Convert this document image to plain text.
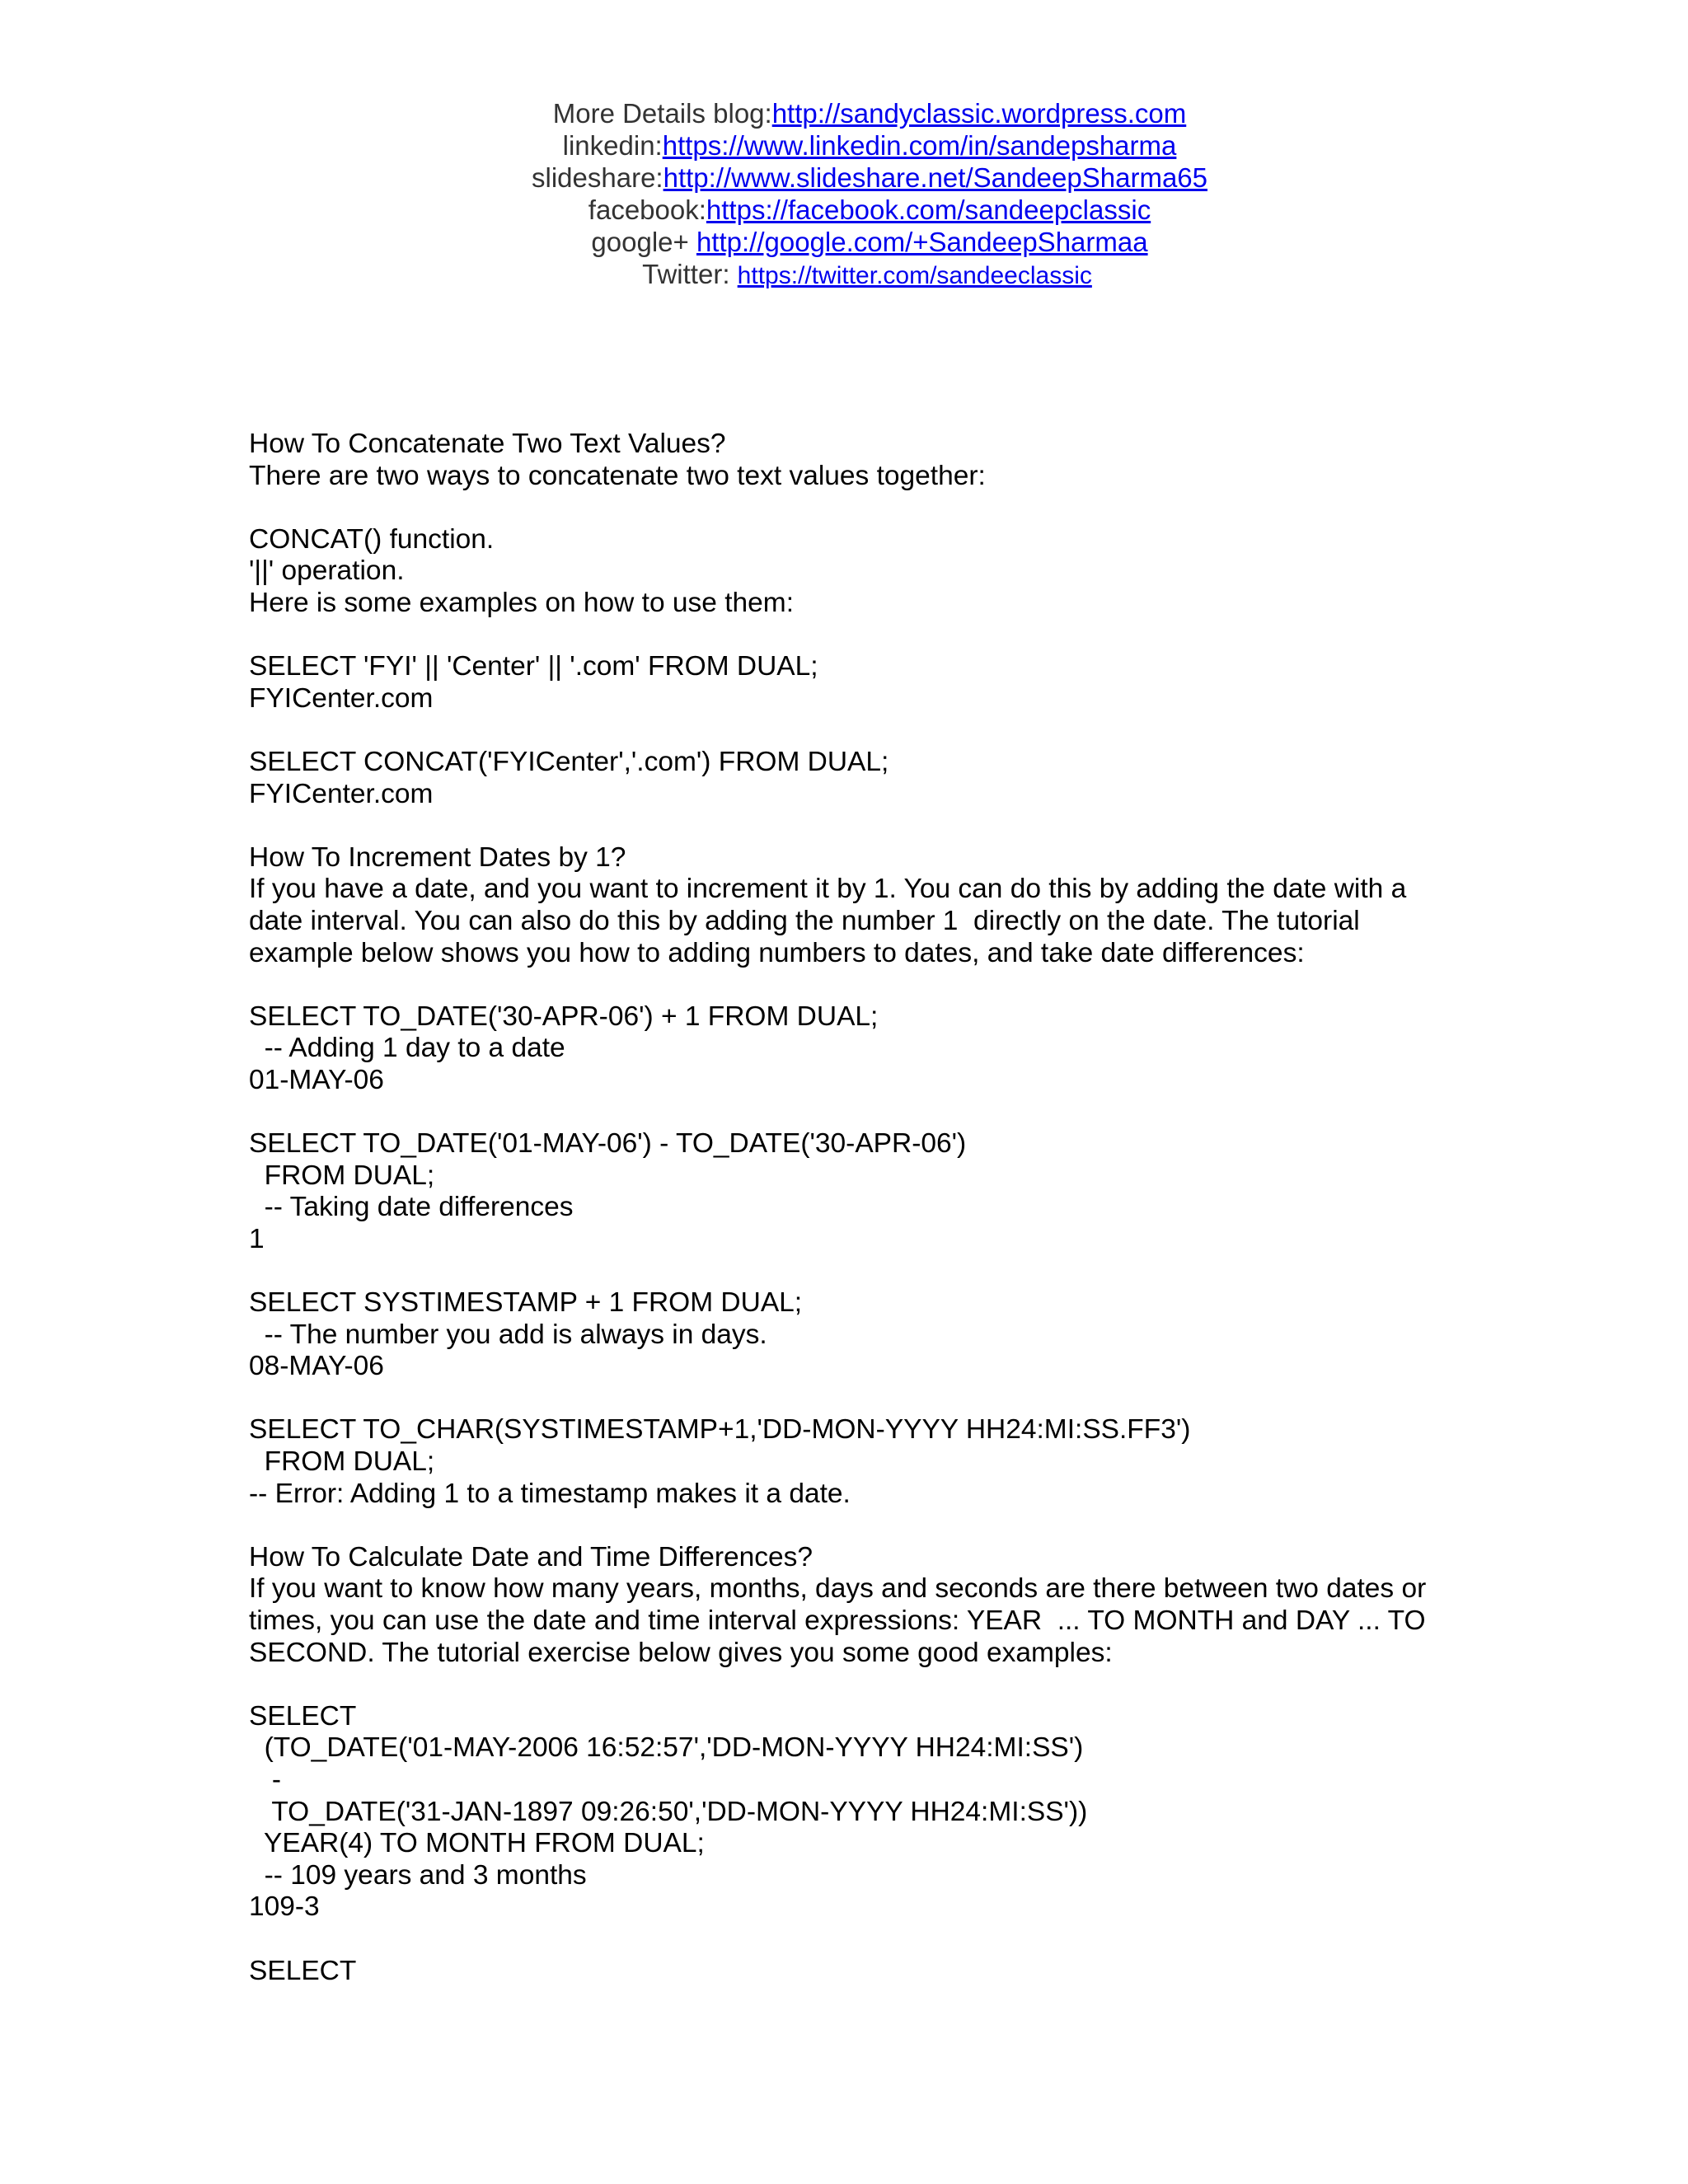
More Details blog:http://sandyclassic.wordpress.com
linkedin:https://www.linkedin.com/in/sandepsharma
slideshare:http://www.slideshare.net/SandeepSharma65
facebook:https://facebook.com/sandeepclassic
google+ http://google.com/+SandeepSharmaa
Twitter: https://twitter.com/sandeeclassic
How To Concatenate Two Text Values?
There are two ways to concatenate two text values together:
CONCAT() function.
'||' operation.
Here is some examples on how to use them:
SELECT 'FYI' || 'Center' || '.com' FROM DUAL;
FYICenter.com
SELECT CONCAT('FYICenter','.com') FROM DUAL;
FYICenter.com
How To Increment Dates by 1?
If you have a date, and you want to increment it by 1. You can do this by adding the date with a
date interval. You can also do this by adding the number 1  directly on the date. The tutorial
example below shows you how to adding numbers to dates, and take date differences:
SELECT TO_DATE('30-APR-06') + 1 FROM DUAL;
-- Adding 1 day to a date
01-MAY-06
SELECT TO_DATE('01-MAY-06') - TO_DATE('30-APR-06')
FROM DUAL;
-- Taking date differences
1
SELECT SYSTIMESTAMP + 1 FROM DUAL;
-- The number you add is always in days.
08-MAY-06
SELECT TO_CHAR(SYSTIMESTAMP+1,'DD-MON-YYYY HH24:MI:SS.FF3')
FROM DUAL;
-- Error: Adding 1 to a timestamp makes it a date.
How To Calculate Date and Time Differences?
If you want to know how many years, months, days and seconds are there between two dates or
times, you can use the date and time interval expressions: YEAR  ... TO MONTH and DAY ... TO
SECOND. The tutorial exercise below gives you some good examples:
SELECT
(TO_DATE('01-MAY-2006 16:52:57','DD-MON-YYYY HH24:MI:SS')
-
TO_DATE('31-JAN-1897 09:26:50','DD-MON-YYYY HH24:MI:SS'))
YEAR(4) TO MONTH FROM DUAL;
-- 109 years and 3 months
109-3
SELECT
